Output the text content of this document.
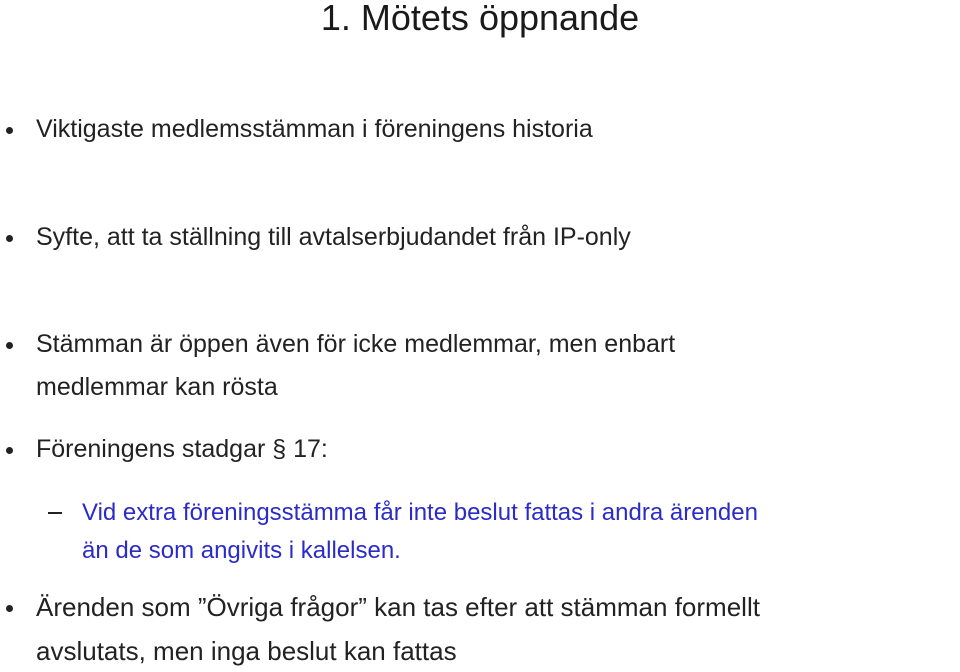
1. Mötets öppnande
Viktigaste medlemsstämman i föreningens historia
Syfte, att ta ställning till avtalserbjudandet från IP-only
Stämman är öppen även för icke medlemmar, men enbart
medlemmar kan rösta
Föreningens stadgar § 17:
Vid extra föreningsstämma får inte beslut fattas i andra ärenden
än de som angivits i kallelsen.
Ärenden som ”Övriga frågor” kan tas efter att stämman formellt
avslutats, men inga beslut kan fattas
